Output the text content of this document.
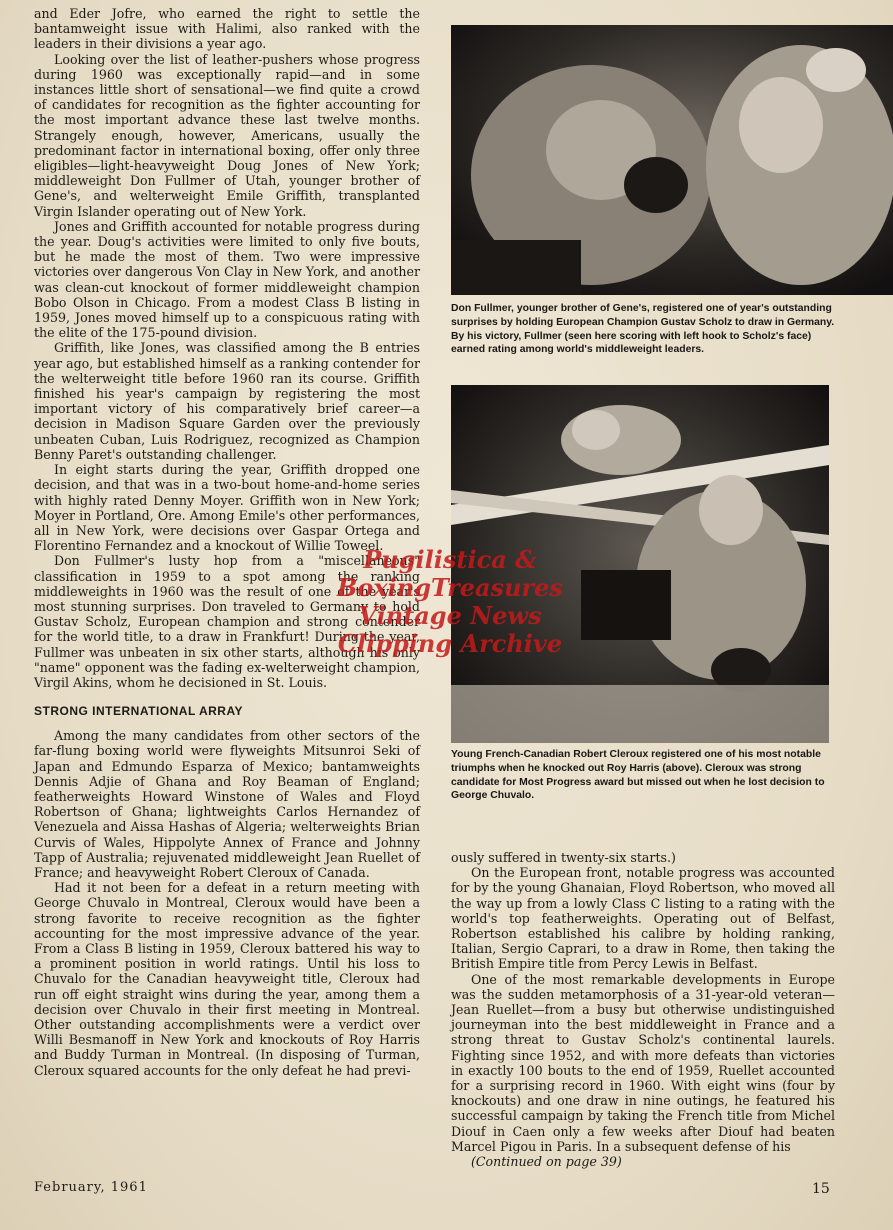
and Eder Jofre, who earned the right to settle the bantamweight issue with Halimi, also ranked with the leaders in their divisions a year ago.

Looking over the list of leather-pushers whose progress during 1960 was exceptionally rapid—and in some instances little short of sensational—we find quite a crowd of candidates for recognition as the fighter accounting for the most important advance these last twelve months. Strangely enough, however, Americans, usually the predominant factor in international boxing, offer only three eligibles—light-heavyweight Doug Jones of New York; middleweight Don Fullmer of Utah, younger brother of Gene's, and welterweight Emile Griffith, transplanted Virgin Islander operating out of New York.

Jones and Griffith accounted for notable progress during the year. Doug's activities were limited to only five bouts, but he made the most of them. Two were impressive victories over dangerous Von Clay in New York, and another was clean-cut knockout of former middleweight champion Bobo Olson in Chicago. From a modest Class B listing in 1959, Jones moved himself up to a conspicuous rating with the elite of the 175-pound division.

Griffith, like Jones, was classified among the B entries year ago, but established himself as a ranking contender for the welterweight title before 1960 ran its course. Griffith finished his year's campaign by registering the most important victory of his comparatively brief career—a decision in Madison Square Garden over the previously unbeaten Cuban, Luis Rodriguez, recognized as Champion Benny Paret's outstanding challenger.

In eight starts during the year, Griffith dropped one decision, and that was in a two-bout home-and-home series with highly rated Denny Moyer. Griffith won in New York; Moyer in Portland, Ore. Among Emile's other performances, all in New York, were decisions over Gaspar Ortega and Florentino Fernandez and a knockout of Willie Toweel.

Don Fullmer's lusty hop from a "miscellaneous" classification in 1959 to a spot among the ranking middleweights in 1960 was the result of one of the year's most stunning surprises. Don traveled to Germany to hold Gustav Scholz, European champion and strong contender for the world title, to a draw in Frankfurt! During the year, Fullmer was unbeaten in six other starts, although his only "name" opponent was the fading ex-welterweight champion, Virgil Akins, whom he decisioned in St. Louis.

STRONG INTERNATIONAL ARRAY

Among the many candidates from other sectors of the far-flung boxing world were flyweights Mitsunroi Seki of Japan and Edmundo Esparza of Mexico; bantamweights Dennis Adjie of Ghana and Roy Beaman of England; featherweights Howard Winstone of Wales and Floyd Robertson of Ghana; lightweights Carlos Hernandez of Venezuela and Aissa Hashas of Algeria; welterweights Brian Curvis of Wales, Hippolyte Annex of France and Johnny Tapp of Australia; rejuvenated middleweight Jean Ruellet of France; and heavyweight Robert Cleroux of Canada.

Had it not been for a defeat in a return meeting with George Chuvalo in Montreal, Cleroux would have been a strong favorite to receive recognition as the fighter accounting for the most impressive advance of the year. From a Class B listing in 1959, Cleroux battered his way to a prominent position in world ratings. Until his loss to Chuvalo for the Canadian heavyweight title, Cleroux had run off eight straight wins during the year, among them a decision over Chuvalo in their first meeting in Montreal. Other outstanding accomplishments were a verdict over Willi Besmanoff in New York and knockouts of Roy Harris and Buddy Turman in Montreal. (In disposing of Turman, Cleroux squared accounts for the only defeat he had previ-

Don Fullmer, younger brother of Gene's, registered one of year's outstanding surprises by holding European Champion Gustav Scholz to draw in Germany. By his victory, Fullmer (seen here scoring with left hook to Scholz's face) earned rating among world's middleweight leaders.
Young French-Canadian Robert Cleroux registered one of his most notable triumphs when he knocked out Roy Harris (above). Cleroux was strong candidate for Most Progress award but missed out when he lost decision to George Chuvalo.

ously suffered in twenty-six starts.)

On the European front, notable progress was accounted for by the young Ghanaian, Floyd Robertson, who moved all the way up from a lowly Class C listing to a rating with the world's top featherweights. Operating out of Belfast, Robertson established his calibre by holding ranking, Italian, Sergio Caprari, to a draw in Rome, then taking the British Empire title from Percy Lewis in Belfast.

One of the most remarkable developments in Europe was the sudden metamorphosis of a 31-year-old veteran—Jean Ruellet—from a busy but otherwise undistinguished journeyman into the best middleweight in France and a strong threat to Gustav Scholz's continental laurels. Fighting since 1952, and with more defeats than victories in exactly 100 bouts to the end of 1959, Ruellet accounted for a surprising record in 1960. With eight wins (four by knockouts) and one draw in nine outings, he featured his successful campaign by taking the French title from Michel Diouf in Caen only a few weeks after Diouf had beaten Marcel Pigou in Paris. In a subsequent defense of his

(Continued on page 39)

Pugilistica &
BoxingTreasures
Vintage News
Clipping Archive
February, 1961	15
